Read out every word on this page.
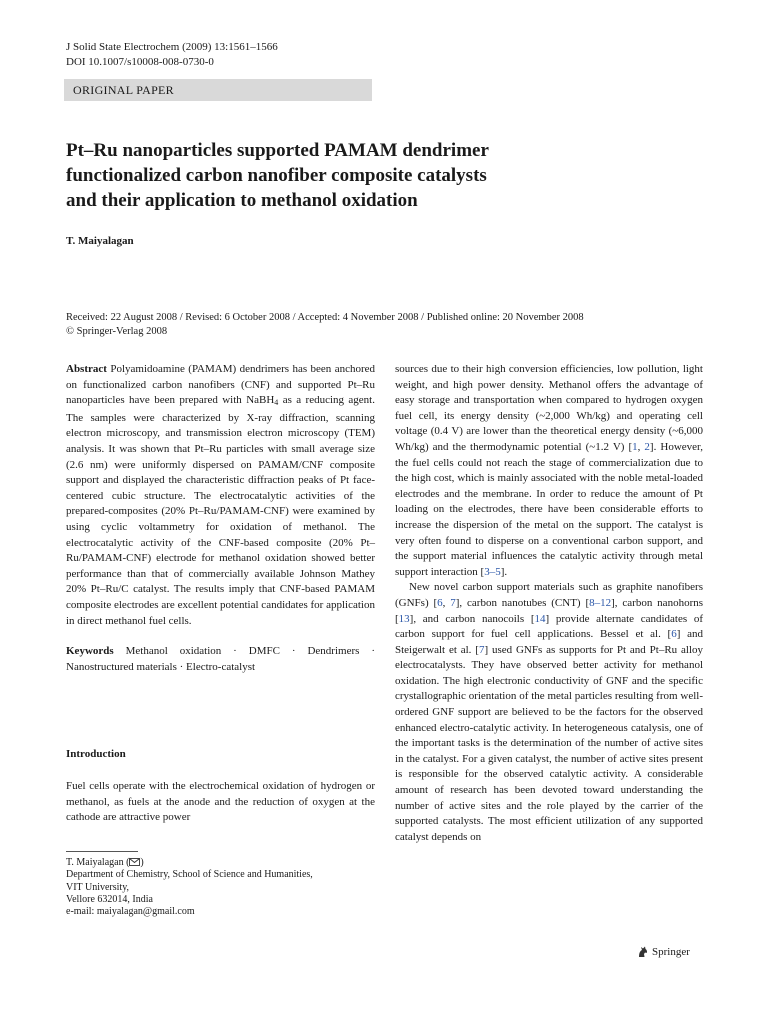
J Solid State Electrochem (2009) 13:1561–1566
DOI 10.1007/s10008-008-0730-0
ORIGINAL PAPER
Pt–Ru nanoparticles supported PAMAM dendrimer
functionalized carbon nanofiber composite catalysts
and their application to methanol oxidation
T. Maiyalagan
Received: 22 August 2008 / Revised: 6 October 2008 / Accepted: 4 November 2008 / Published online: 20 November 2008
© Springer-Verlag 2008

Abstract Polyamidoamine (PAMAM) dendrimers has been anchored on functionalized carbon nanofibers (CNF) and supported Pt–Ru nanoparticles have been prepared with NaBH$_4$ as a reducing agent. The samples were characterized by X-ray diffraction, scanning electron microscopy, and transmission electron microscopy (TEM) analysis. It was shown that Pt–Ru particles with small average size (2.6 nm) were uniformly dispersed on PAMAM/CNF composite support and displayed the characteristic diffraction peaks of Pt face-centered cubic structure. The electrocatalytic activities of the prepared-composites (20% Pt–Ru/PAMAM-CNF) were examined by using cyclic voltammetry for oxidation of methanol. The electrocatalytic activity of the CNF-based composite (20% Pt–Ru/PAMAM-CNF) electrode for methanol oxidation showed better performance than that of commercially available Johnson Mathey 20% Pt–Ru/C catalyst. The results imply that CNF-based PAMAM composite electrodes are excellent potential candidates for application in direct methanol fuel cells.

Keywords Methanol oxidation · DMFC · Dendrimers · Nanostructured materials · Electro-catalyst

Introduction
Fuel cells operate with the electrochemical oxidation of hydrogen or methanol, as fuels at the anode and the reduction of oxygen at the cathode are attractive power
T. Maiyalagan ( )
Department of Chemistry, School of Science and Humanities,
VIT University,
Vellore 632014, India
e-mail: maiyalagan@gmail.com

sources due to their high conversion efficiencies, low pollution, light weight, and high power density. Methanol offers the advantage of easy storage and transportation when compared to hydrogen oxygen fuel cell, its energy density (~2,000 Wh/kg) and operating cell voltage (0.4 V) are lower than the theoretical energy density (~6,000 Wh/kg) and the thermodynamic potential (~1.2 V) [1, 2]. However, the fuel cells could not reach the stage of commercialization due to the high cost, which is mainly associated with the noble metal-loaded electrodes and the membrane. In order to reduce the amount of Pt loading on the electrodes, there have been considerable efforts to increase the dispersion of the metal on the support. The catalyst is very often found to disperse on a conventional carbon support, and the support material influences the catalytic activity through metal support interaction [3–5].

New novel carbon support materials such as graphite nanofibers (GNFs) [6, 7], carbon nanotubes (CNT) [8–12], carbon nanohorns [13], and carbon nanocoils [14] provide alternate candidates of carbon support for fuel cell applications. Bessel et al. [6] and Steigerwalt et al. [7] used GNFs as supports for Pt and Pt–Ru alloy electrocatalysts. They have observed better activity for methanol oxidation. The high electronic conductivity of GNF and the specific crystallographic orientation of the metal particles resulting from well-ordered GNF support are believed to be the factors for the observed enhanced electro-catalytic activity. In heterogeneous catalysis, one of the important tasks is the determination of the number of active sites in the catalyst. For a given catalyst, the number of active sites present is responsible for the observed catalytic activity. A considerable amount of research has been devoted toward understanding the number of active sites and the role played by the carrier of the supported catalysts. The most efficient utilization of any supported catalyst depends on

Springer
